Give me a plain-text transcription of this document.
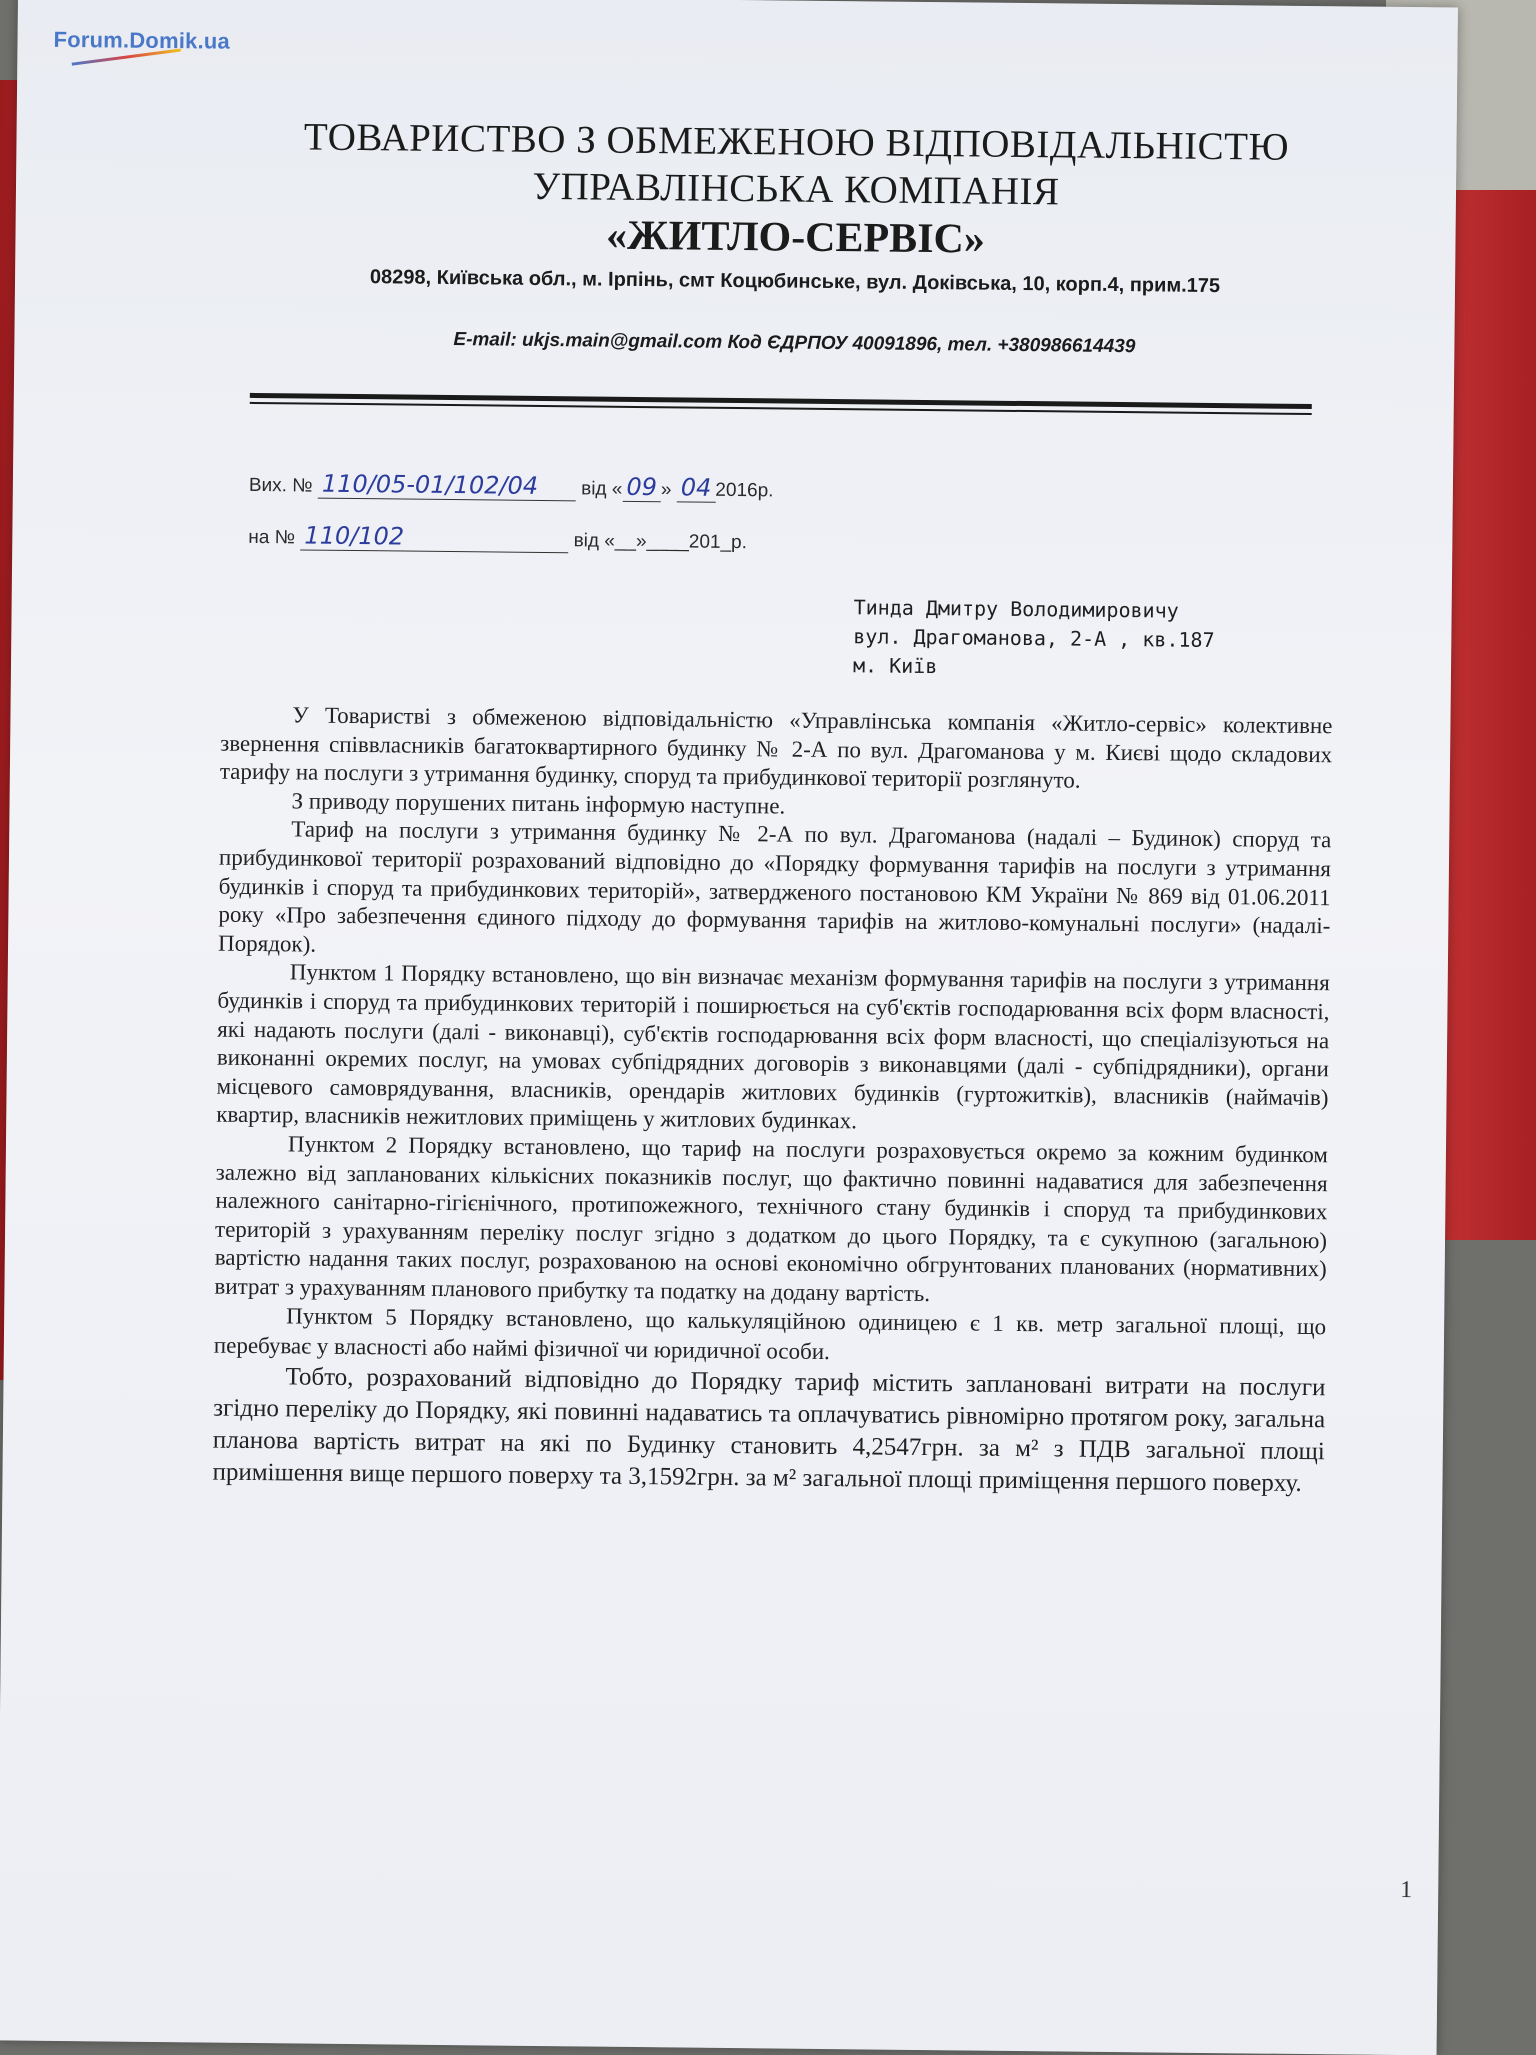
Forum.Domik.ua
ТОВАРИСТВО З ОБМЕЖЕНОЮ ВІДПОВІДАЛЬНІСТЮ
УПРАВЛІНСЬКА КОМПАНІЯ
«ЖИТЛО-СЕРВІС»
08298, Київська обл., м. Ірпінь, смт Коцюбинське, вул. Доківська, 10, корп.4, прим.175
E-mail: ukjs.main@gmail.com Код ЄДРПОУ 40091896, тел. +380986614439
Вих. № 110/05-01/102/04 від « 09 » 04 2016р.
на № 110/102	від «__»____201_р.
Тинда Дмитру Володимировичу
вул. Драгоманова, 2-А , кв.187
м. Київ

У Товаристві з обмеженою відповідальністю «Управлінська компанія «Житло-сервіс» колективне звернення співвласників багатоквартирного будинку № 2-А по вул. Драгоманова у м. Києві щодо складових тарифу на послуги з утримання будинку, споруд та прибудинкової території розглянуто.

З приводу порушених питань інформую наступне.

Тариф на послуги з утримання будинку № 2-А по вул. Драгоманова (надалі – Будинок) споруд та прибудинкової території розрахований відповідно до «Порядку формування тарифів на послуги з утримання будинків і споруд та прибудинкових територій», затвердженого постановою КМ України № 869 від 01.06.2011 року «Про забезпечення єдиного підходу до формування тарифів на житлово-комунальні послуги» (надалі-Порядок).

Пунктом 1 Порядку встановлено, що він визначає механізм формування тарифів на послуги з утримання будинків і споруд та прибудинкових територій і поширюється на суб'єктів господарювання всіх форм власності, які надають послуги (далі - виконавці), суб'єктів господарювання всіх форм власності, що спеціалізуються на виконанні окремих послуг, на умовах субпідрядних договорів з виконавцями (далі - субпідрядники), органи місцевого самоврядування, власників, орендарів житлових будинків (гуртожитків), власників (наймачів) квартир, власників нежитлових приміщень у житлових будинках.

Пунктом 2 Порядку встановлено, що тариф на послуги розраховується окремо за кожним будинком залежно від запланованих кількісних показників послуг, що фактично повинні надаватися для забезпечення належного санітарно-гігієнічного, протипожежного, технічного стану будинків і споруд та прибудинкових територій з урахуванням переліку послуг згідно з додатком до цього Порядку, та є сукупною (загальною) вартістю надання таких послуг, розрахованою на основі економічно обгрунтованих планованих (нормативних) витрат з урахуванням планового прибутку та податку на додану вартість.

Пунктом 5 Порядку встановлено, що калькуляційною одиницею є 1 кв. метр загальної площі, що перебуває у власності або наймі фізичної чи юридичної особи.

Тобто, розрахований відповідно до Порядку тариф містить заплановані витрати на послуги згідно переліку до Порядку, які повинні надаватись та оплачуватись рівномірно протягом року, загальна планова вартість витрат на які по Будинку становить 4,2547грн. за м² з ПДВ загальної площі примішення вище першого поверху та 3,1592грн. за м² загальної площі приміщення першого поверху.

1
